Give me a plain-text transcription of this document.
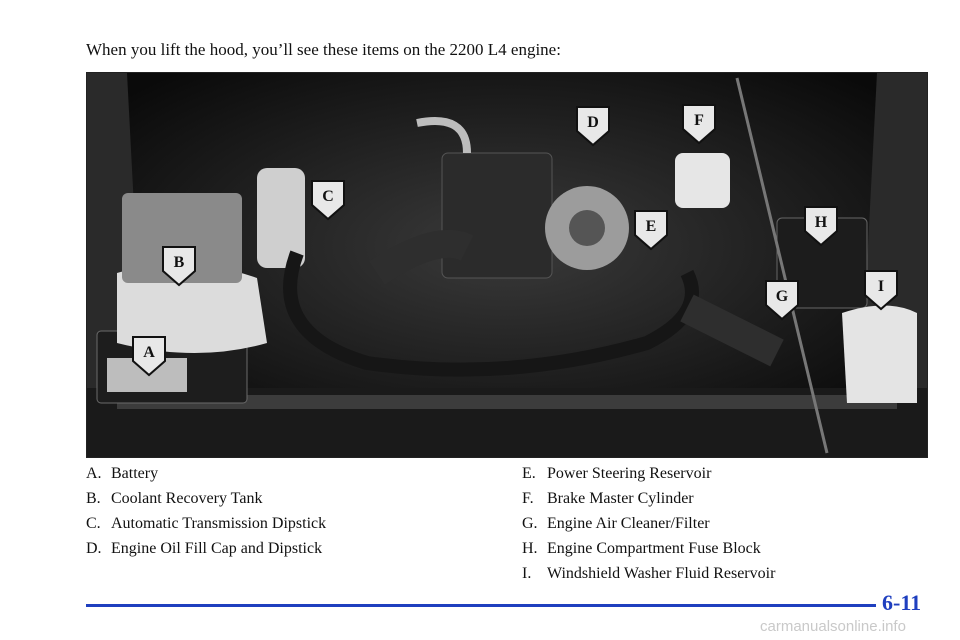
When you lift the hood, you’ll see these items on the 2200 L4 engine:
A
B
C
D
E
F
G
H
I
A. Battery
B. Coolant Recovery Tank
C. Automatic Transmission Dipstick
D. Engine Oil Fill Cap and Dipstick
E. Power Steering Reservoir
F. Brake Master Cylinder
G. Engine Air Cleaner/Filter
H. Engine Compartment Fuse Block
I. Windshield Washer Fluid Reservoir
6-11
carmanualsonline.info
